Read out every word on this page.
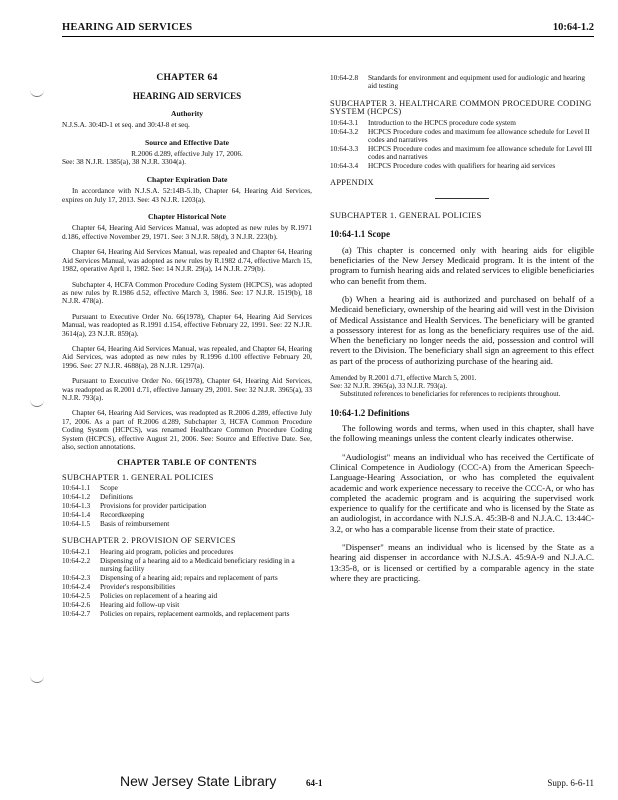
HEARING AID SERVICES	10:64-1.2
CHAPTER 64
HEARING AID SERVICES
Authority
N.J.S.A. 30:4D-1 et seq. and 30:4J-8 et seq.
Source and Effective Date
R.2006 d.289, effective July 17, 2006.
See: 38 N.J.R. 1385(a), 38 N.J.R. 3304(a).
Chapter Expiration Date
In accordance with N.J.S.A. 52:14B-5.1b, Chapter 64, Hearing Aid Services, expires on July 17, 2013. See: 43 N.J.R. 1203(a).
Chapter Historical Note
Chapter 64, Hearing Aid Services Manual, was adopted as new rules by R.1971 d.186, effective November 29, 1971. See: 3 N.J.R. 58(d), 3 N.J.R. 223(b).
Chapter 64, Hearing Aid Services Manual, was repealed and Chapter 64, Hearing Aid Services Manual, was adopted as new rules by R.1982 d.74, effective March 15, 1982, operative April 1, 1982. See: 14 N.J.R. 29(a), 14 N.J.R. 279(b).
Subchapter 4, HCFA Common Procedure Coding System (HCPCS), was adopted as new rules by R.1986 d.52, effective March 3, 1986. See: 17 N.J.R. 1519(b), 18 N.J.R. 478(a).
Pursuant to Executive Order No. 66(1978), Chapter 64, Hearing Aid Services Manual, was readopted as R.1991 d.154, effective February 22, 1991. See: 22 N.J.R. 3614(a), 23 N.J.R. 859(a).
Chapter 64, Hearing Aid Services Manual, was repealed, and Chapter 64, Hearing Aid Services, was adopted as new rules by R.1996 d.100 effective February 20, 1996. See: 27 N.J.R. 4688(a), 28 N.J.R. 1297(a).
Pursuant to Executive Order No. 66(1978), Chapter 64, Hearing Aid Services, was readopted as R.2001 d.71, effective January 29, 2001. See: 32 N.J.R. 3965(a), 33 N.J.R. 793(a).
Chapter 64, Hearing Aid Services, was readopted as R.2006 d.289, effective July 17, 2006. As a part of R.2006 d.289, Subchapter 3, HCFA Common Procedure Coding System (HCPCS), was renamed Healthcare Common Procedure Coding System (HCPCS), effective August 21, 2006. See: Source and Effective Date. See, also, section annotations.
CHAPTER TABLE OF CONTENTS
SUBCHAPTER 1. GENERAL POLICIES
10:64-1.1	Scope
10:64-1.2	Definitions
10:64-1.3	Provisions for provider participation
10:64-1.4	Recordkeeping
10:64-1.5	Basis of reimbursement
SUBCHAPTER 2. PROVISION OF SERVICES
10:64-2.1	Hearing aid program, policies and procedures
10:64-2.2	Dispensing of a hearing aid to a Medicaid beneficiary residing in a nursing facility
10:64-2.3	Dispensing of a hearing aid; repairs and replacement of parts
10:64-2.4	Provider's responsibilities
10:64-2.5	Policies on replacement of a hearing aid
10:64-2.6	Hearing aid follow-up visit
10:64-2.7	Policies on repairs, replacement earmolds, and replacement parts
10:64-2.8	Standards for environment and equipment used for audiologic and hearing aid testing
SUBCHAPTER 3. HEALTHCARE COMMON PROCEDURE CODING SYSTEM (HCPCS)
10:64-3.1	Introduction to the HCPCS procedure code system
10:64-3.2	HCPCS Procedure codes and maximum fee allowance schedule for Level II codes and narratives
10:64-3.3	HCPCS Procedure codes and maximum fee allowance schedule for Level III codes and narratives
10:64-3.4	HCPCS Procedure codes with qualifiers for hearing aid services
APPENDIX
SUBCHAPTER 1. GENERAL POLICIES
10:64-1.1 Scope
(a) This chapter is concerned only with hearing aids for eligible beneficiaries of the New Jersey Medicaid program. It is the intent of the program to furnish hearing aids and related services to eligible beneficiaries who can benefit from them.
(b) When a hearing aid is authorized and purchased on behalf of a Medicaid beneficiary, ownership of the hearing aid will vest in the Division of Medical Assistance and Health Services. The beneficiary will be granted a possessory interest for as long as the beneficiary requires use of the aid. When the beneficiary no longer needs the aid, possession and control will revert to the Division. The beneficiary shall sign an agreement to this effect as part of the process of authorizing purchase of the hearing aid.
Amended by R.2001 d.71, effective March 5, 2001.
See: 32 N.J.R. 3965(a), 33 N.J.R. 793(a).
Substituted references to beneficiaries for references to recipients throughout.
10:64-1.2 Definitions
The following words and terms, when used in this chapter, shall have the following meanings unless the content clearly indicates otherwise.
"Audiologist" means an individual who has received the Certificate of Clinical Competence in Audiology (CCC-A) from the American Speech-Language-Hearing Association, or who has completed the equivalent academic and work experience necessary to receive the CCC-A, or who has completed the academic program and is acquiring the supervised work experience to qualify for the certificate and who is licensed by the State as an audiologist, in accordance with N.J.S.A. 45:3B-8 and N.J.A.C. 13:44C-3.2, or who has a comparable license from their state of practice.
"Dispenser" means an individual who is licensed by the State as a hearing aid dispenser in accordance with N.J.S.A. 45:9A-9 and N.J.A.C. 13:35-8, or is licensed or certified by a comparable agency in the state where they are practicing.
New Jersey State Library	64-1	Supp. 6-6-11
